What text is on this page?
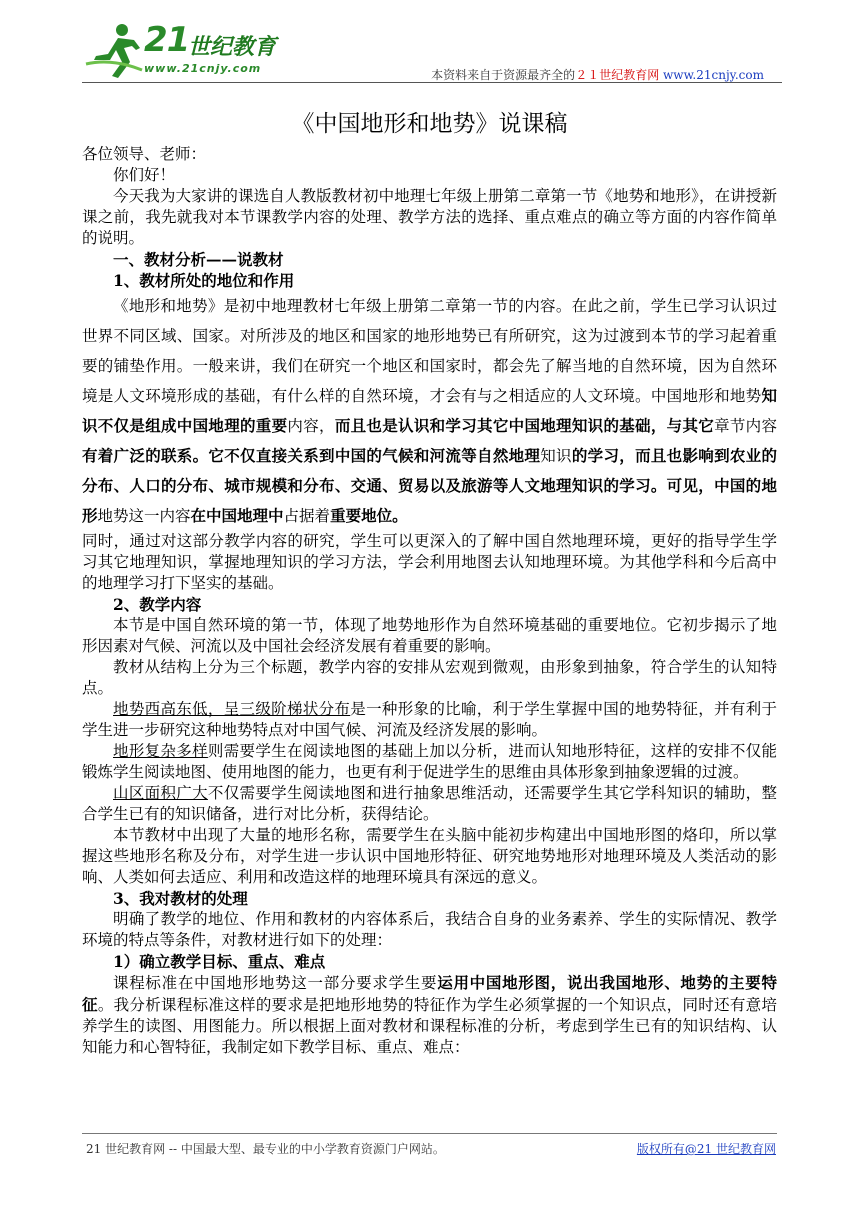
21
世纪教育
www.21cnjy.com	本资料来自于资源最齐全的２１世纪教育网 www.21cnjy.com
《中国地形和地势》说课稿

各位领导、老师：

你们好！

今天我为大家讲的课选自人教版教材初中地理七年级上册第二章第一节《地势和地形》，在讲授新课之前，我先就我对本节课教学内容的处理、教学方法的选择、重点难点的确立等方面的内容作简单的说明。

一、教材分析——说教材

1、教材所处的地位和作用

《地形和地势》是初中地理教材七年级上册第二章第一节的内容。在此之前，学生已学习认识过世界不同区域、国家。对所涉及的地区和国家的地形地势已有所研究，这为过渡到本节的学习起着重要的铺垫作用。一般来讲，我们在研究一个地区和国家时，都会先了解当地的自然环境，因为自然环境是人文环境形成的基础，有什么样的自然环境，才会有与之相适应的人文环境。中国地形和地势知识不仅是组成中国地理的重要内容，而且也是认识和学习其它中国地理知识的基础，与其它章节内容有着广泛的联系。它不仅直接关系到中国的气候和河流等自然地理知识的学习，而且也影响到农业的分布、人口的分布、城市规模和分布、交通、贸易以及旅游等人文地理知识的学习。可见，中国的地形地势这一内容在中国地理中占据着重要地位。

同时，通过对这部分教学内容的研究，学生可以更深入的了解中国自然地理环境，更好的指导学生学习其它地理知识，掌握地理知识的学习方法，学会利用地图去认知地理环境。为其他学科和今后高中的地理学习打下坚实的基础。

2、教学内容

本节是中国自然环境的第一节，体现了地势地形作为自然环境基础的重要地位。它初步揭示了地形因素对气候、河流以及中国社会经济发展有着重要的影响。

教材从结构上分为三个标题，教学内容的安排从宏观到微观，由形象到抽象，符合学生的认知特点。

地势西高东低，呈三级阶梯状分布是一种形象的比喻，利于学生掌握中国的地势特征，并有利于学生进一步研究这种地势特点对中国气候、河流及经济发展的影响。

地形复杂多样则需要学生在阅读地图的基础上加以分析，进而认知地形特征，这样的安排不仅能锻炼学生阅读地图、使用地图的能力，也更有利于促进学生的思维由具体形象到抽象逻辑的过渡。

山区面积广大不仅需要学生阅读地图和进行抽象思维活动，还需要学生其它学科知识的辅助，整合学生已有的知识储备，进行对比分析，获得结论。

本节教材中出现了大量的地形名称，需要学生在头脑中能初步构建出中国地形图的烙印，所以掌握这些地形名称及分布，对学生进一步认识中国地形特征、研究地势地形对地理环境及人类活动的影响、人类如何去适应、利用和改造这样的地理环境具有深远的意义。

3、我对教材的处理

明确了教学的地位、作用和教材的内容体系后，我结合自身的业务素养、学生的实际情况、教学环境的特点等条件，对教材进行如下的处理：

1）确立教学目标、重点、难点

课程标准在中国地形地势这一部分要求学生要运用中国地形图，说出我国地形、地势的主要特征。我分析课程标准这样的要求是把地形地势的特征作为学生必须掌握的一个知识点，同时还有意培养学生的读图、用图能力。所以根据上面对教材和课程标准的分析，考虑到学生已有的知识结构、认知能力和心智特征，我制定如下教学目标、重点、难点：

21 世纪教育网 -- 中国最大型、最专业的中小学教育资源门户网站。	版权所有@21 世纪教育网
